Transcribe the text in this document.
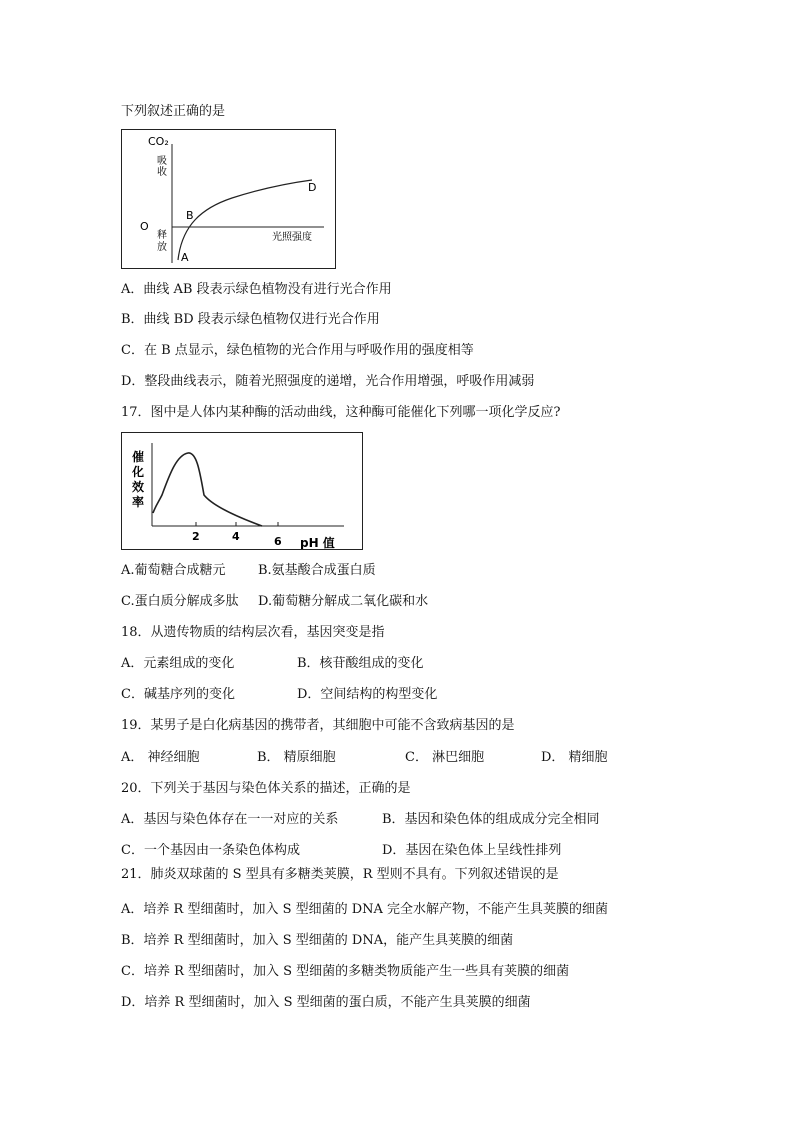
下列叙述正确的是
CO₂
吸
收
释
放
O
A
B
D
光照强度
A．曲线 AB 段表示绿色植物没有进行光合作用
B．曲线 BD 段表示绿色植物仅进行光合作用
C．在 B 点显示，绿色植物的光合作用与呼吸作用的强度相等
D．整段曲线表示，随着光照强度的递增，光合作用增强，呼吸作用减弱
17．图中是人体内某种酶的活动曲线，这种酶可能催化下列哪一项化学反应?
催
化
效
率
2	4	6 pH 值
A.葡萄糖合成糖元 B.氨基酸合成蛋白质
C.蛋白质分解成多肽 D.葡萄糖分解成二氧化碳和水
18．从遗传物质的结构层次看，基因突变是指
A．元素组成的变化	B．核苷酸组成的变化
C．碱基序列的变化	D．空间结构的构型变化
19．某男子是白化病基因的携带者，其细胞中可能不含致病基因的是
A． 神经细胞	B． 精原细胞	C． 淋巴细胞	D． 精细胞
20．下列关于基因与染色体关系的描述，正确的是
A．基因与染色体存在一一对应的关系	B．基因和染色体的组成成分完全相同
C．一个基因由一条染色体构成	D．基因在染色体上呈线性排列
21．肺炎双球菌的 S 型具有多糖类荚膜，R 型则不具有。下列叙述错误的是
A．培养 R 型细菌时，加入 S 型细菌的 DNA 完全水解产物，不能产生具荚膜的细菌
B．培养 R 型细菌时，加入 S 型细菌的 DNA，能产生具荚膜的细菌
C．培养 R 型细菌时，加入 S 型细菌的多糖类物质能产生一些具有荚膜的细菌
D．培养 R 型细菌时，加入 S 型细菌的蛋白质，不能产生具荚膜的细菌
